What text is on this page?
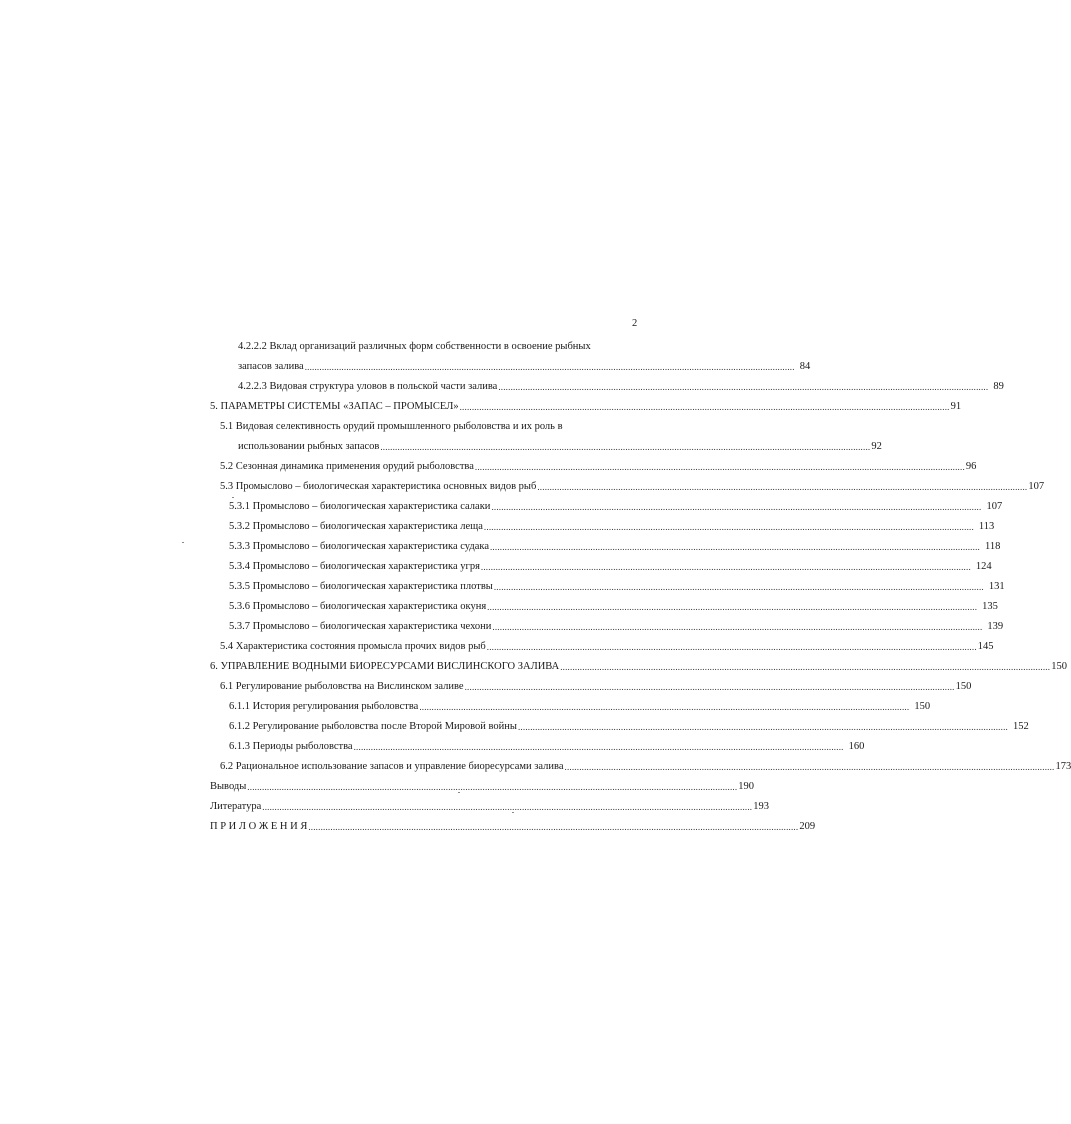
2
4.2.2.2 Вклад организаций различных форм собственности в освоение рыбных
запасов залива ........................................................................................................................................................................................................ 84
4.2.2.3 Видовая структура уловов в польской части залива ........................................................................................................................................................................................................ 89
5. ПАРАМЕТРЫ СИСТЕМЫ «ЗАПАС – ПРОМЫСЕЛ» ........................................................................................................................................................................................................ 91
5.1 Видовая селективность орудий промышленного рыболовства и их роль в
использовании рыбных запасов ........................................................................................................................................................................................................ 92
5.2 Сезонная динамика применения орудий рыболовства ........................................................................................................................................................................................................ 96
5.3 Промыслово – биологическая характеристика основных видов рыб ........................................................................................................................................................................................................ 107
5.3.1 Промыслово – биологическая характеристика салаки ........................................................................................................................................................................................................ 107
5.3.2 Промыслово – биологическая характеристика леща ........................................................................................................................................................................................................ 113
5.3.3 Промыслово – биологическая характеристика судака ........................................................................................................................................................................................................ 118
5.3.4 Промыслово – биологическая характеристика угря ........................................................................................................................................................................................................ 124
5.3.5 Промыслово – биологическая характеристика плотвы ........................................................................................................................................................................................................ 131
5.3.6 Промыслово – биологическая характеристика окуня ........................................................................................................................................................................................................ 135
5.3.7 Промыслово – биологическая характеристика чехони ........................................................................................................................................................................................................ 139
5.4 Характеристика состояния промысла прочих видов рыб ........................................................................................................................................................................................................ 145
6. УПРАВЛЕНИЕ ВОДНЫМИ БИОРЕСУРСАМИ ВИСЛИНСКОГО ЗАЛИВА ........................................................................................................................................................................................................ 150
6.1 Регулирование рыболовства на Вислинском заливе ........................................................................................................................................................................................................ 150
6.1.1 История регулирования рыболовства ........................................................................................................................................................................................................ 150
6.1.2 Регулирование рыболовства после Второй Мировой войны ........................................................................................................................................................................................................ 152
6.1.3 Периоды рыболовства ........................................................................................................................................................................................................ 160
6.2 Рациональное использование запасов и управление биоресурсами залива ........................................................................................................................................................................................................ 173
Выводы ........................................................................................................................................................................................................ 190
Литература ........................................................................................................................................................................................................ 193
П Р И Л О Ж Е Н И Я ........................................................................................................................................................................................................ 209
